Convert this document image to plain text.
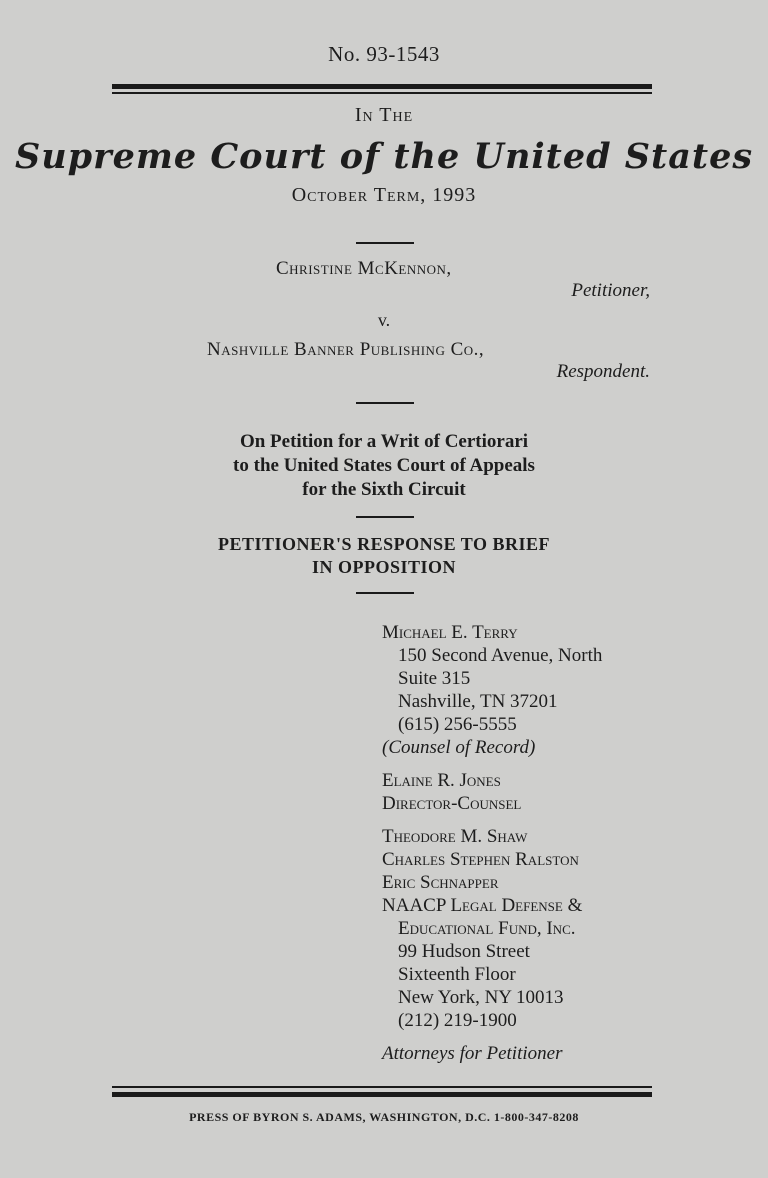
No. 93-1543
In The
Supreme Court of the United States
October Term, 1993
Christine McKennon,
Petitioner,
v.
Nashville Banner Publishing Co.,
Respondent.
On Petition for a Writ of Certiorari
to the United States Court of Appeals
for the Sixth Circuit
PETITIONER'S RESPONSE TO BRIEF
IN OPPOSITION
Michael E. Terry
150 Second Avenue, North
Suite 315
Nashville, TN 37201
(615) 256-5555
(Counsel of Record)
Elaine R. Jones
Director-Counsel
Theodore M. Shaw
Charles Stephen Ralston
Eric Schnapper
NAACP Legal Defense &
Educational Fund, Inc.
99 Hudson Street
Sixteenth Floor
New York, NY 10013
(212) 219-1900
Attorneys for Petitioner
PRESS OF BYRON S. ADAMS, WASHINGTON, D.C. 1-800-347-8208
